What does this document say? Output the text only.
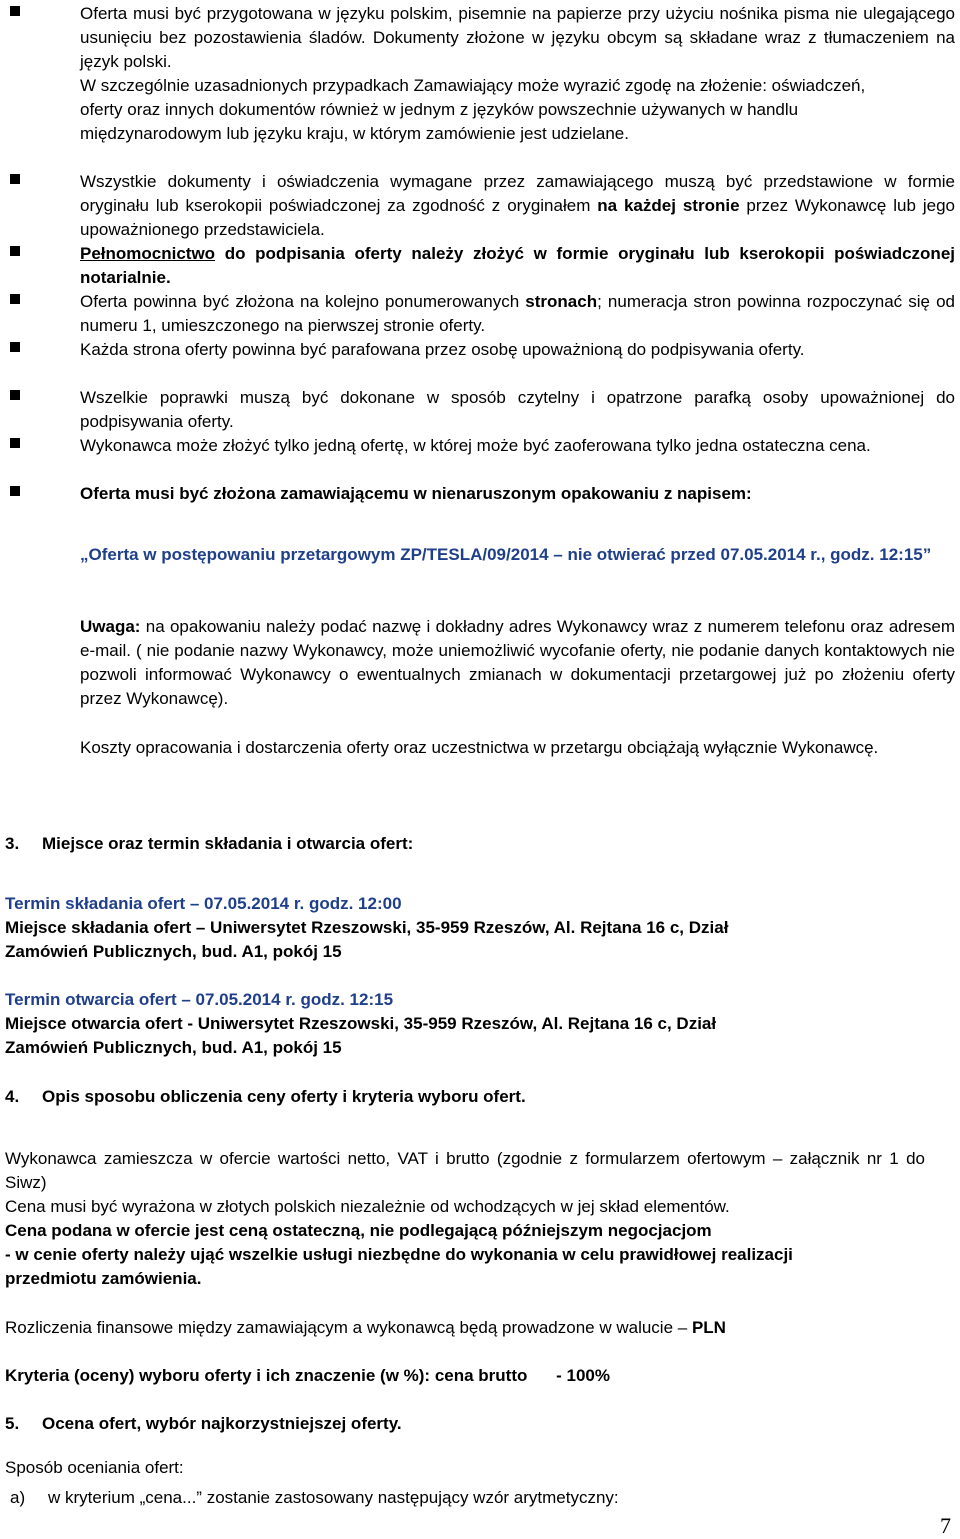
Oferta musi być przygotowana w języku polskim, pisemnie na papierze przy użyciu nośnika pisma nie ulegającego usunięciu bez pozostawienia śladów. Dokumenty złożone w języku obcym są składane wraz z tłumaczeniem na język polski.
W szczególnie uzasadnionych przypadkach Zamawiający może wyrazić zgodę na złożenie: oświadczeń, oferty oraz innych dokumentów również w jednym z języków powszechnie używanych w handlu międzynarodowym lub języku kraju, w którym zamówienie jest udzielane.
Wszystkie dokumenty i oświadczenia wymagane przez zamawiającego muszą być przedstawione w formie oryginału lub kserokopii poświadczonej za zgodność z oryginałem na każdej stronie przez Wykonawcę lub jego upoważnionego przedstawiciela.
Pełnomocnictwo do podpisania oferty należy złożyć w formie oryginału lub kserokopii poświadczonej notarialnie.
Oferta powinna być złożona na kolejno ponumerowanych stronach; numeracja stron powinna rozpoczynać się od numeru 1, umieszczonego na pierwszej stronie oferty.
Każda strona oferty powinna być parafowana przez osobę upoważnioną do podpisywania oferty.
Wszelkie poprawki muszą być dokonane w sposób czytelny i opatrzone parafką osoby upoważnionej do podpisywania oferty.
Wykonawca może złożyć tylko jedną ofertę, w której może być zaoferowana tylko jedna ostateczna cena.
Oferta musi być złożona zamawiającemu w nienaruszonym opakowaniu z napisem:
„Oferta w postępowaniu przetargowym ZP/TESLA/09/2014 – nie otwierać przed 07.05.2014 r., godz. 12:15”
Uwaga: na opakowaniu należy podać nazwę i dokładny adres Wykonawcy wraz z numerem telefonu oraz adresem e-mail. ( nie podanie nazwy Wykonawcy, może uniemożliwić wycofanie oferty, nie podanie danych kontaktowych nie pozwoli informować Wykonawcy o ewentualnych zmianach w dokumentacji przetargowej już po złożeniu oferty przez Wykonawcę).
Koszty opracowania i dostarczenia oferty oraz uczestnictwa w przetargu obciążają wyłącznie Wykonawcę.
3. Miejsce oraz termin składania i otwarcia ofert:
Termin składania ofert – 07.05.2014 r. godz. 12:00
Miejsce składania ofert – Uniwersytet Rzeszowski, 35-959 Rzeszów, Al. Rejtana 16 c, Dział
Zamówień Publicznych, bud. A1, pokój 15
Termin otwarcia ofert – 07.05.2014 r. godz. 12:15
Miejsce otwarcia ofert - Uniwersytet Rzeszowski, 35-959 Rzeszów, Al. Rejtana 16 c, Dział
Zamówień Publicznych, bud. A1, pokój 15
4. Opis sposobu obliczenia ceny oferty i kryteria wyboru ofert.
Wykonawca zamieszcza w ofercie wartości netto, VAT i brutto (zgodnie z formularzem ofertowym – załącznik nr 1 do Siwz)
Cena musi być wyrażona w złotych polskich niezależnie od wchodzących w jej skład elementów.
Cena podana w ofercie jest ceną ostateczną, nie podlegającą późniejszym negocjacjom
- w cenie oferty należy ująć wszelkie usługi niezbędne do wykonania w celu prawidłowej realizacji przedmiotu zamówienia.
Rozliczenia finansowe między zamawiającym a wykonawcą będą prowadzone w walucie – PLN
Kryteria (oceny) wyboru oferty i ich znaczenie (w %): cena brutto - 100%
5. Ocena ofert, wybór najkorzystniejszej oferty.
Sposób oceniania ofert:
a) w kryterium „cena...” zostanie zastosowany następujący wzór arytmetyczny:
7
